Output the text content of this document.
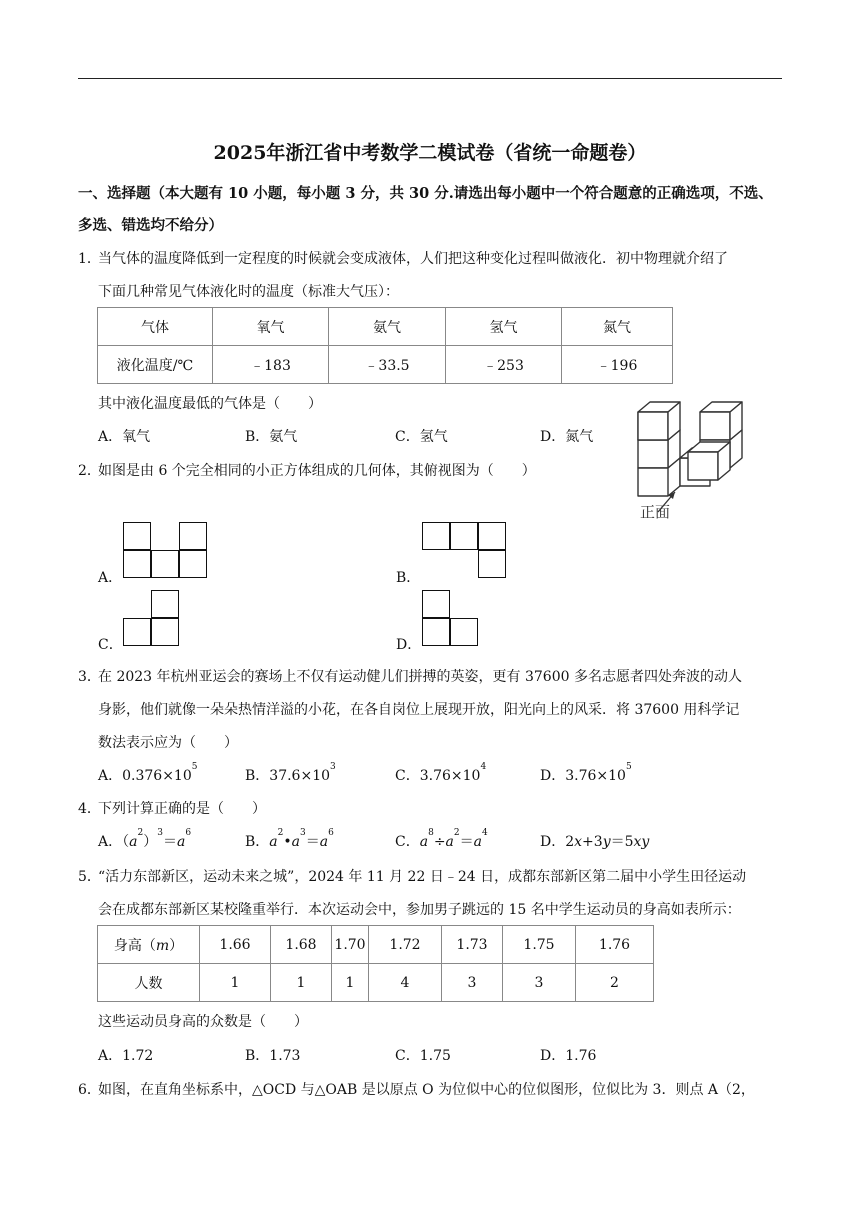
2025年浙江省中考数学二模试卷（省统一命题卷）
一、选择题（本大题有 10 小题，每小题 3 分，共 30 分.请选出每小题中一个符合题意的正确选项，不选、
多选、错选均不给分）
1．
当气体的温度降低到一定程度的时候就会变成液体，人们把这种变化过程叫做液化．初中物理就介绍了
下面几种常见气体液化时的温度（标准大气压）：
气体	氧气	氨气	氢气	氮气
液化温度/℃	﹣183	﹣33.5	﹣253	﹣196
其中液化温度最低的气体是（　　）
A．氧气	B．氨气	C．氢气	D．氮气
正面
2．
如图是由 6 个完全相同的小正方体组成的几何体，其俯视图为（　　）
A．	B．
C．	D．
3．
在 2023 年杭州亚运会的赛场上不仅有运动健儿们拼搏的英姿，更有 37600 多名志愿者四处奔波的动人
身影，他们就像一朵朵热情洋溢的小花，在各自岗位上展现开放，阳光向上的风采．将 37600 用科学记
数法表示应为（　　）
A．$0.376\times 10^5$
B．$37.6\times 10^3$
C．$3.76\times 10^4$
D．$3.76\times 10^5$
4．
下列计算正确的是（　　）
A．$(a^2)^3=a^6$
B．$a^2•a^3=a^6$
C．$a^8\div a^2=a^4$
D．2x+3y＝5xy
5．
“活力东部新区，运动未来之城”，2024 年 11 月 22 日﹣24 日，成都东部新区第二届中小学生田径运动
会在成都东部新区某校隆重举行．本次运动会中，参加男子跳远的 15 名中学生运动员的身高如表所示：
身高（m）	1.66	1.68	1.70	1.72	1.73	1.75	1.76
人数	1	1	1	4	3	3	2
这些运动员身高的众数是（　　）
A．1.72	B．1.73	C．1.75	D．1.76
6．
如图，在直角坐标系中，△OCD 与△OAB 是以原点 O 为位似中心的位似图形，位似比为 3．则点 A（2，
